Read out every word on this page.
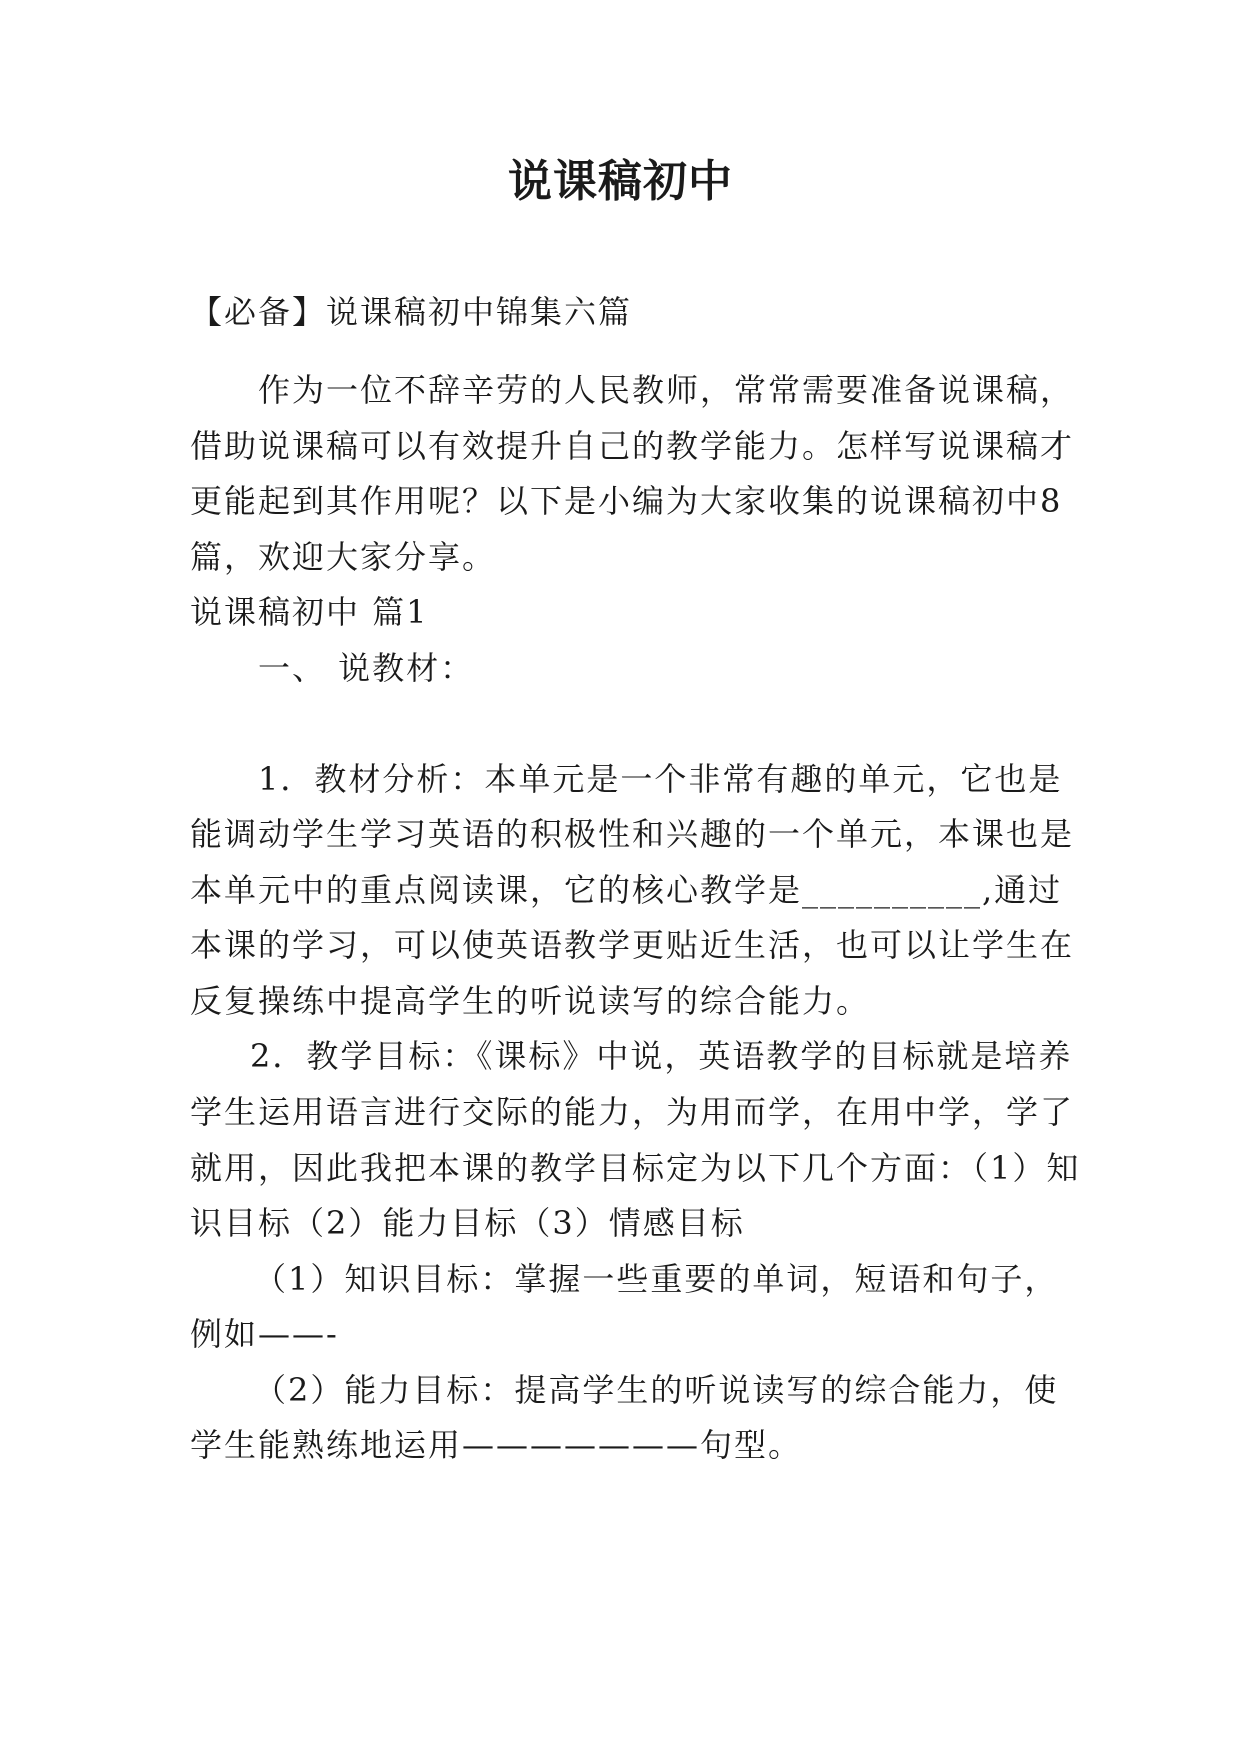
说课稿初中
【必备】说课稿初中锦集六篇
作为一位不辞辛劳的人民教师，常常需要准备说课稿，
借助说课稿可以有效提升自己的教学能力。怎样写说课稿才
更能起到其作用呢？以下是小编为大家收集的说课稿初中8
篇，欢迎大家分享。
说课稿初中 篇1
一、 说教材：
1．教材分析：本单元是一个非常有趣的单元，它也是
能调动学生学习英语的积极性和兴趣的一个单元，本课也是
本单元中的重点阅读课，它的核心教学是__________,通过
本课的学习，可以使英语教学更贴近生活，也可以让学生在
反复操练中提高学生的听说读写的综合能力。
2．教学目标：《课标》中说，英语教学的目标就是培养
学生运用语言进行交际的能力，为用而学，在用中学，学了
就用，因此我把本课的教学目标定为以下几个方面：（1）知
识目标（2）能力目标（3）情感目标
（1）知识目标：掌握一些重要的单词，短语和句子，
例如——-
（2）能力目标：提高学生的听说读写的综合能力，使
学生能熟练地运用———————句型。
